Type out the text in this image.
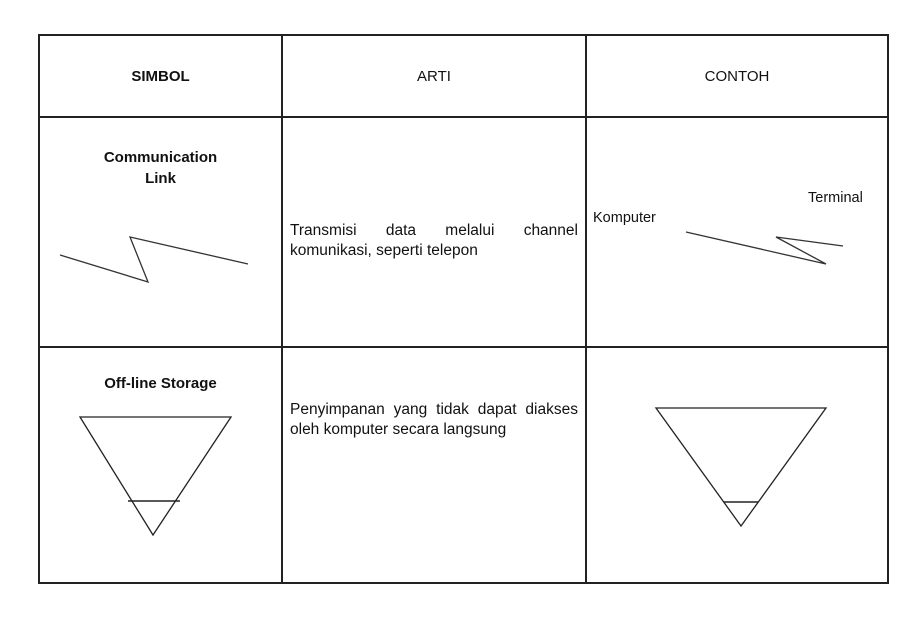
SIMBOL	ARTI	CONTOH
Communication
Link
Transmisi data melalui channel komunikasi, seperti telepon
Terminal
Komputer
Off-line Storage
Penyimpanan yang tidak dapat diakses oleh komputer secara langsung
